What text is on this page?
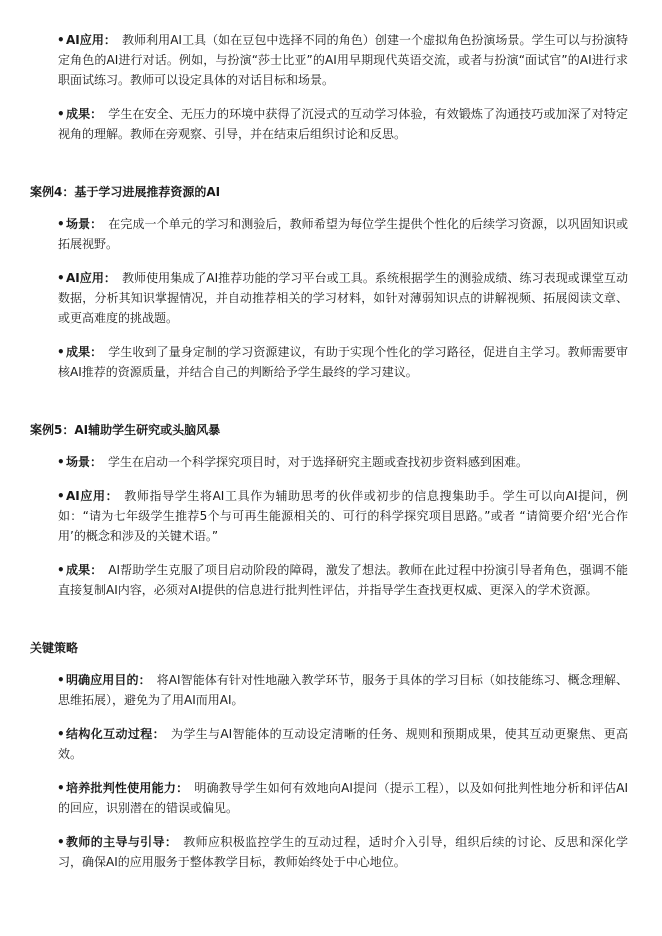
• AI应用： 教师利用AI工具（如在豆包中选择不同的角色）创建一个虚拟角色扮演场景。学生可以与扮演特定角色的AI进行对话。例如，与扮演“莎士比亚”的AI用早期现代英语交流，或者与扮演“面试官”的AI进行求职面试练习。教师可以设定具体的对话目标和场景。
• 成果： 学生在安全、无压力的环境中获得了沉浸式的互动学习体验，有效锻炼了沟通技巧或加深了对特定视角的理解。教师在旁观察、引导，并在结束后组织讨论和反思。
案例4：基于学习进展推荐资源的AI
• 场景： 在完成一个单元的学习和测验后，教师希望为每位学生提供个性化的后续学习资源，以巩固知识或拓展视野。
• AI应用： 教师使用集成了AI推荐功能的学习平台或工具。系统根据学生的测验成绩、练习表现或课堂互动数据，分析其知识掌握情况，并自动推荐相关的学习材料，如针对薄弱知识点的讲解视频、拓展阅读文章、或更高难度的挑战题。
• 成果： 学生收到了量身定制的学习资源建议，有助于实现个性化的学习路径，促进自主学习。教师需要审核AI推荐的资源质量，并结合自己的判断给予学生最终的学习建议。
案例5：AI辅助学生研究或头脑风暴
• 场景： 学生在启动一个科学探究项目时，对于选择研究主题或查找初步资料感到困难。
• AI应用： 教师指导学生将AI工具作为辅助思考的伙伴或初步的信息搜集助手。学生可以向AI提问，例如：“请为七年级学生推荐5个与可再生能源相关的、可行的科学探究项目思路。”或者 “请简要介绍‘光合作用’的概念和涉及的关键术语。”
• 成果： AI帮助学生克服了项目启动阶段的障碍，激发了想法。教师在此过程中扮演引导者角色，强调不能直接复制AI内容，必须对AI提供的信息进行批判性评估，并指导学生查找更权威、更深入的学术资源。
关键策略
• 明确应用目的： 将AI智能体有针对性地融入教学环节，服务于具体的学习目标（如技能练习、概念理解、思维拓展），避免为了用AI而用AI。
• 结构化互动过程： 为学生与AI智能体的互动设定清晰的任务、规则和预期成果，使其互动更聚焦、更高效。
• 培养批判性使用能力： 明确教导学生如何有效地向AI提问（提示工程），以及如何批判性地分析和评估AI的回应，识别潜在的错误或偏见。
• 教师的主导与引导： 教师应积极监控学生的互动过程，适时介入引导，组织后续的讨论、反思和深化学习，确保AI的应用服务于整体教学目标，教师始终处于中心地位。
